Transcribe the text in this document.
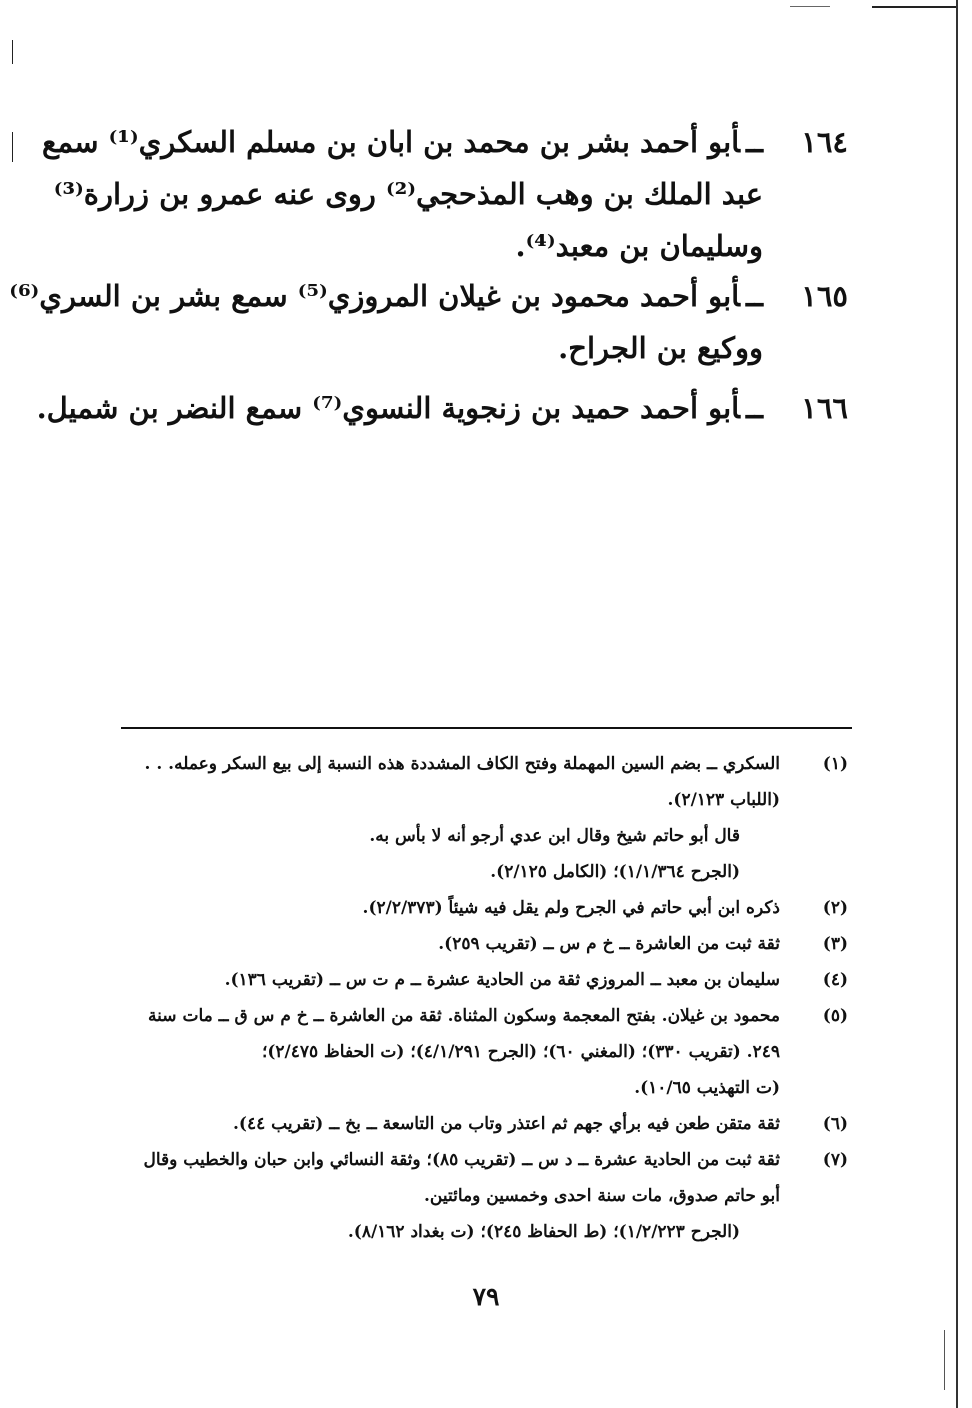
١٦٤ــأبو أحمد بشر بن محمد بن ابان بن مسلم السكري⁽¹⁾ سمع
عبد الملك بن وهب المذحجي⁽²⁾ روى عنه عمرو بن زرارة⁽³⁾
وسليمان بن معبد⁽⁴⁾.
١٦٥ــأبو أحمد محمود بن غيلان المروزي⁽⁵⁾ سمع بشر بن السري⁽⁶⁾
ووكيع بن الجراح.
١٦٦ــأبو أحمد حميد بن زنجوية النسوي⁽⁷⁾ سمع النضر بن شميل.
(١)
السكري ــ بضم السين المهملة وفتح الكاف المشددة هذه النسبة إلى بيع السكر وعمله. . .
(اللباب ٢/١٢٣).
قال أبو حاتم شيخ وقال ابن عدي أرجو أنه لا بأس به.
(الجرح ١/١/٣٦٤)؛ (الكامل ٢/١٢٥).
(٢)
ذكره ابن أبي حاتم في الجرح ولم يقل فيه شيئاً (٢/٢/٣٧٣).
(٣)
ثقة ثبت من العاشرة ــ خ م س ــ (تقريب ٢٥٩).
(٤)
سليمان بن معبد ــ المروزي ثقة من الحادية عشرة ــ م ت س ــ (تقريب ١٣٦).
(٥)
محمود بن غيلان. بفتح المعجمة وسكون المثناة. ثقة من العاشرة ــ خ م س ق ــ مات سنة
٢٤٩. (تقريب ٣٣٠)؛ (المغني ٦٠)؛ (الجرح ٤/١/٢٩١)؛ (ت الحفاظ ٢/٤٧٥)؛
(ت التهذيب ١٠/٦٥).
(٦)
ثقة متقن طعن فيه برأي جهم ثم اعتذر وتاب من التاسعة ــ بخ ــ (تقريب ٤٤).
(٧)
ثقة ثبت من الحادية عشرة ــ د س ــ (تقريب ٨٥)؛ وثقة النسائي وابن حبان والخطيب وقال
أبو حاتم صدوق، مات سنة احدى وخمسين ومائتين.
(الجرح ١/٢/٢٢٣)؛ (ط الحفاظ ٢٤٥)؛ (ت بغداد ٨/١٦٢).
٧٩
